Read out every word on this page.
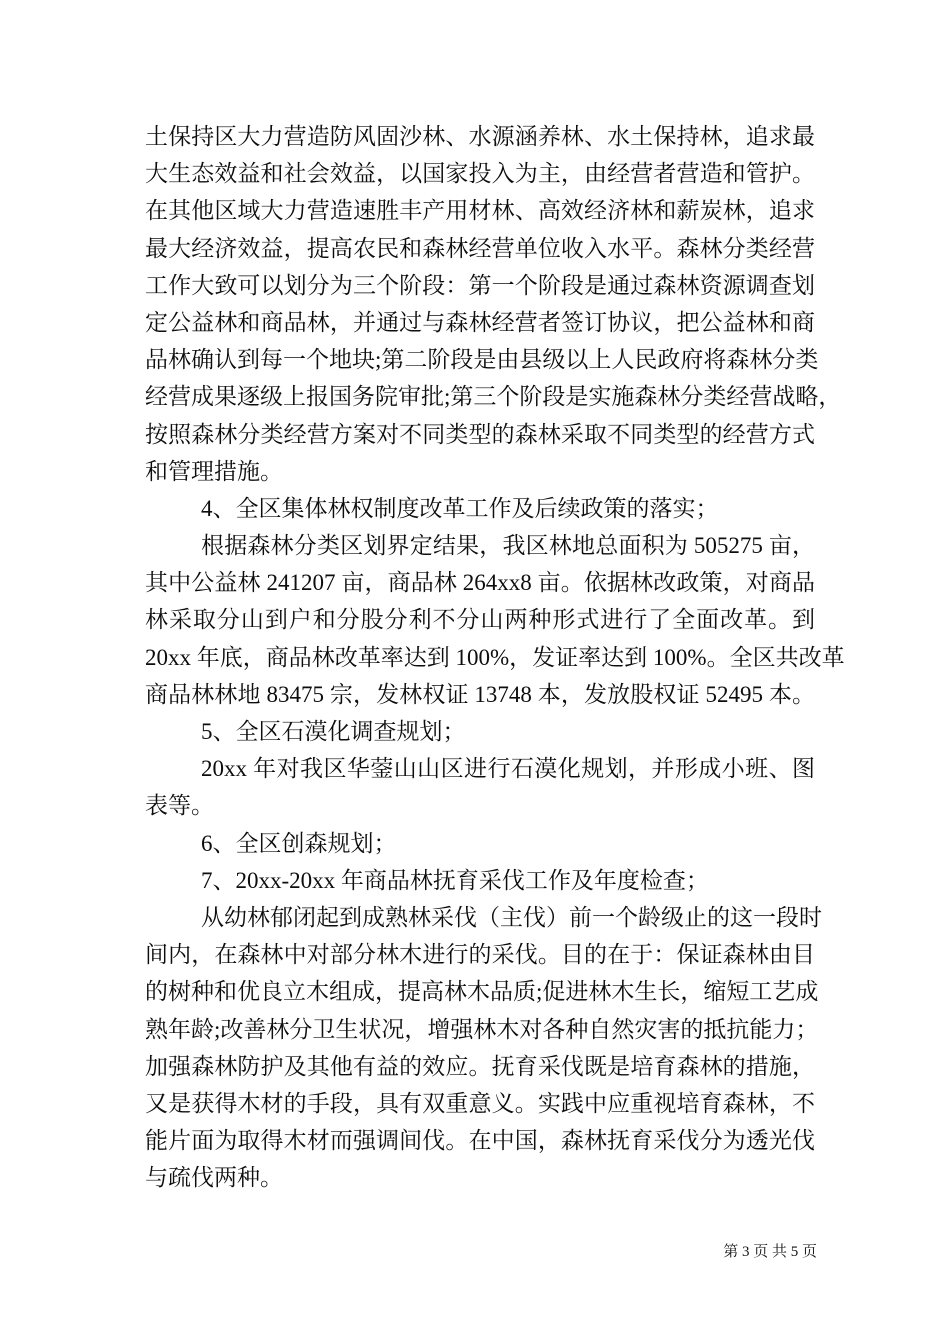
土保持区大力营造防风固沙林、水源涵养林、水土保持林，追求最
大生态效益和社会效益，以国家投入为主，由经营者营造和管护。
在其他区域大力营造速胜丰产用材林、高效经济林和薪炭林，追求
最大经济效益，提高农民和森林经营单位收入水平。森林分类经营
工作大致可以划分为三个阶段：第一个阶段是通过森林资源调查划
定公益林和商品林，并通过与森林经营者签订协议，把公益林和商
品林确认到每一个地块;第二阶段是由县级以上人民政府将森林分类
经营成果逐级上报国务院审批;第三个阶段是实施森林分类经营战略，
按照森林分类经营方案对不同类型的森林采取不同类型的经营方式
和管理措施。
4、全区集体林权制度改革工作及后续政策的落实；
根据森林分类区划界定结果，我区林地总面积为 505275 亩，
其中公益林 241207 亩，商品林 264xx8 亩。依据林改政策，对商品
林采取分山到户和分股分利不分山两种形式进行了全面改革。到
20xx 年底，商品林改革率达到 100%，发证率达到 100%。全区共改革
商品林林地 83475 宗，发林权证 13748 本，发放股权证 52495 本。
5、全区石漠化调查规划；
20xx 年对我区华蓥山山区进行石漠化规划，并形成小班、图
表等。
6、全区创森规划；
7、20xx-20xx 年商品林抚育采伐工作及年度检查；
从幼林郁闭起到成熟林采伐（主伐）前一个龄级止的这一段时
间内，在森林中对部分林木进行的采伐。目的在于：保证森林由目
的树种和优良立木组成，提高林木品质;促进林木生长，缩短工艺成
熟年龄;改善林分卫生状况，增强林木对各种自然灾害的抵抗能力；
加强森林防护及其他有益的效应。抚育采伐既是培育森林的措施，
又是获得木材的手段，具有双重意义。实践中应重视培育森林，不
能片面为取得木材而强调间伐。在中国，森林抚育采伐分为透光伐
与疏伐两种。
第 3 页 共 5 页
